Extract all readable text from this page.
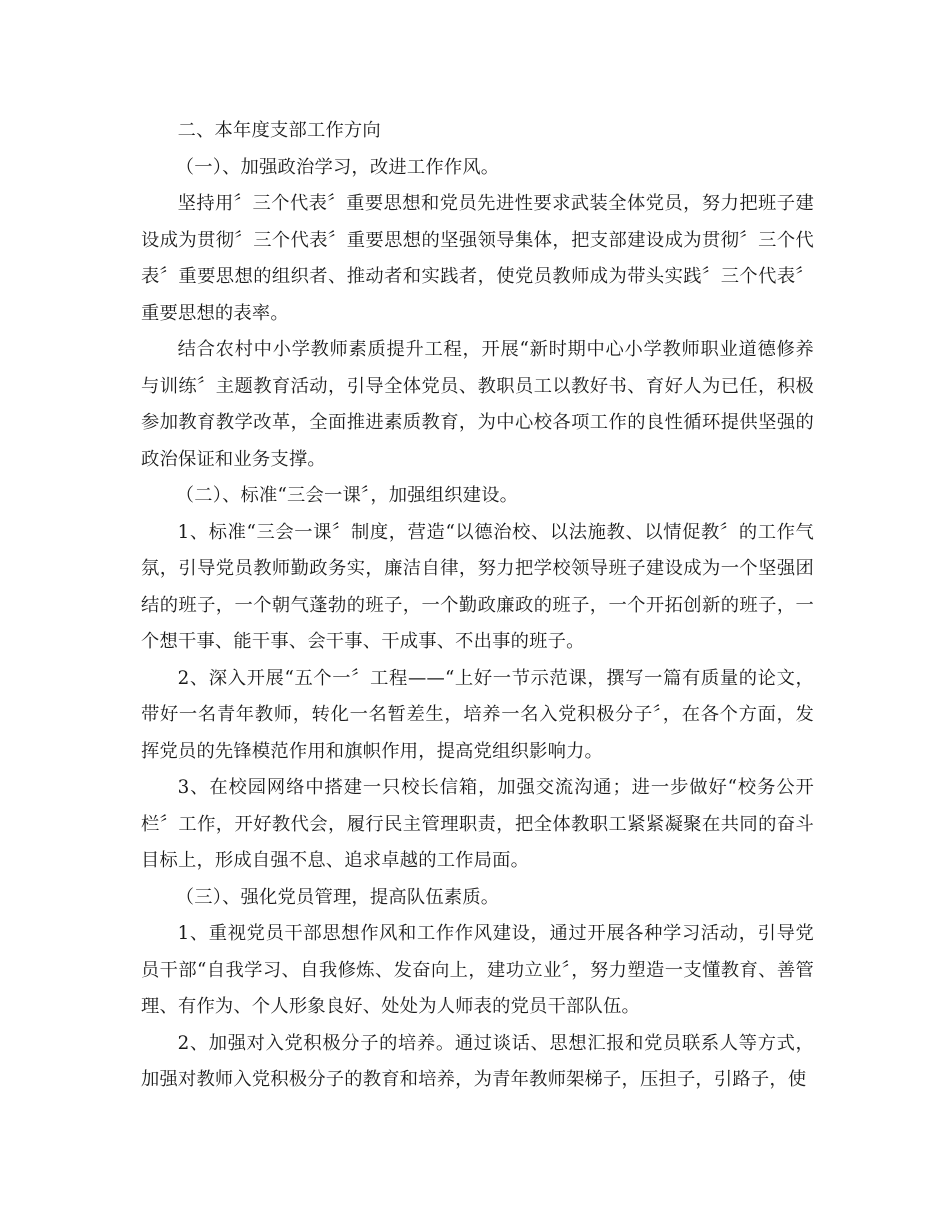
二、本年度支部工作方向

（一）、加强政治学习，改进工作作风。

坚持用〞三个代表〞重要思想和党员先进性要求武装全体党员，努力把班子建设成为贯彻〞三个代表〞重要思想的坚强领导集体，把支部建设成为贯彻〞三个代表〞重要思想的组织者、推动者和实践者，使党员教师成为带头实践〞三个代表〞重要思想的表率。

结合农村中小学教师素质提升工程，开展“新时期中心小学教师职业道德修养与训练〞主题教育活动，引导全体党员、教职员工以教好书、育好人为已任，积极参加教育教学改革，全面推进素质教育，为中心校各项工作的良性循环提供坚强的政治保证和业务支撑。

（二）、标准“三会一课〞，加强组织建设。

1、标准“三会一课〞制度，营造“以德治校、以法施教、以情促教〞的工作气氛，引导党员教师勤政务实，廉洁自律，努力把学校领导班子建设成为一个坚强团结的班子，一个朝气蓬勃的班子，一个勤政廉政的班子，一个开拓创新的班子，一个想干事、能干事、会干事、干成事、不出事的班子。

2、深入开展“五个一〞工程——“上好一节示范课，撰写一篇有质量的论文，带好一名青年教师，转化一名暂差生，培养一名入党积极分子〞，在各个方面，发挥党员的先锋模范作用和旗帜作用，提高党组织影响力。

3、在校园网络中搭建一只校长信箱，加强交流沟通；进一步做好“校务公开栏〞工作，开好教代会，履行民主管理职责，把全体教职工紧紧凝聚在共同的奋斗目标上，形成自强不息、追求卓越的工作局面。

（三）、强化党员管理，提高队伍素质。

1、重视党员干部思想作风和工作作风建设，通过开展各种学习活动，引导党员干部“自我学习、自我修炼、发奋向上，建功立业〞，努力塑造一支懂教育、善管理、有作为、个人形象良好、处处为人师表的党员干部队伍。

2、加强对入党积极分子的培养。通过谈话、思想汇报和党员联系人等方式，加强对教师入党积极分子的教育和培养，为青年教师架梯子，压担子，引路子，使
